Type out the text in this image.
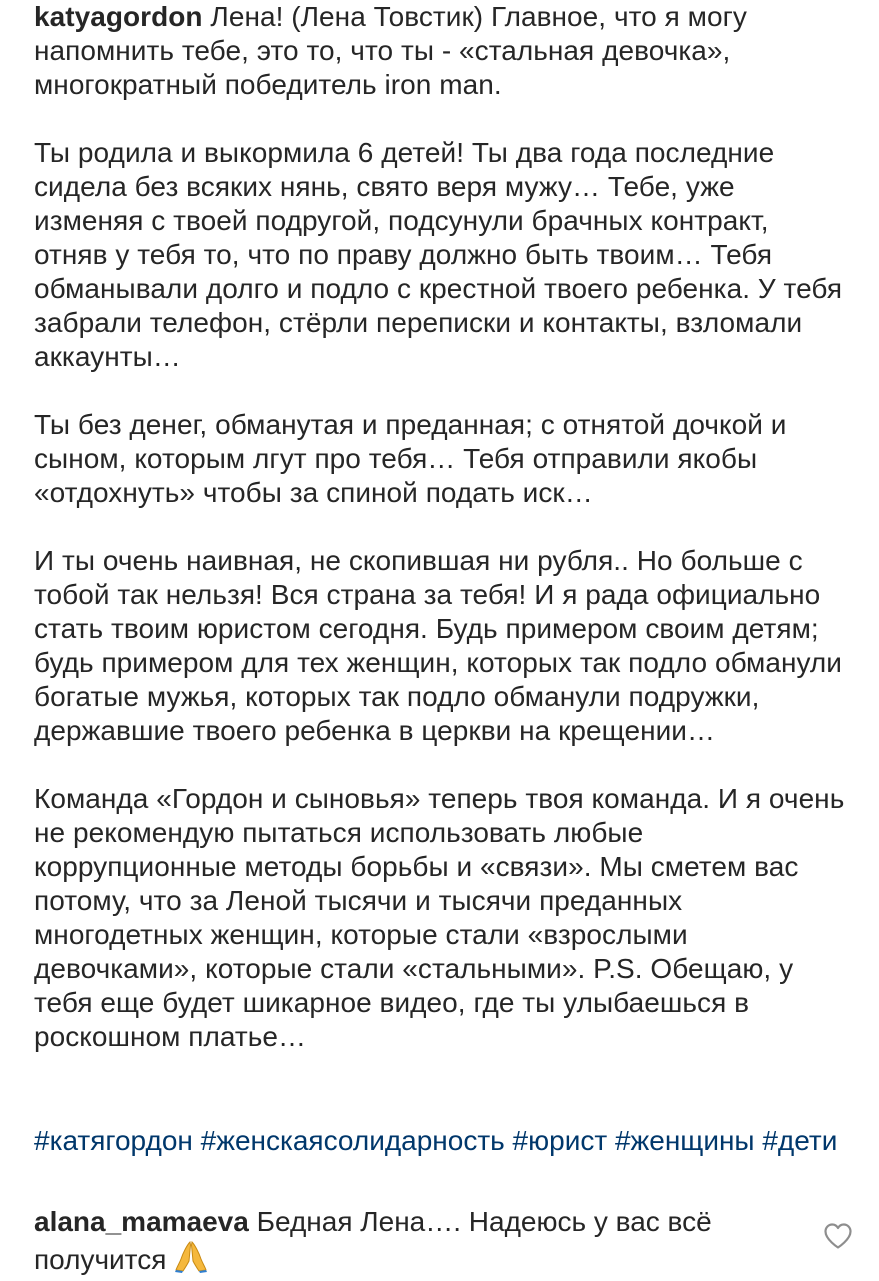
katyagordon Лена! (Лена Товстик) Главное, что я могу напомнить тебе, это то, что ты - «стальная девочка», многократный победитель iron man.

Ты родила и выкормила 6 детей! Ты два года последние сидела без всяких нянь, свято веря мужу… Тебе, уже изменяя с твоей подругой, подсунули брачных контракт, отняв у тебя то, что по праву должно быть твоим… Тебя обманывали долго и подло с крестной твоего ребенка. У тебя забрали телефон, стёрли переписки и контакты, взломали аккаунты…

Ты без денег, обманутая и преданная; с отнятой дочкой и сыном, которым лгут про тебя… Тебя отправили якобы «отдохнуть» чтобы за спиной подать иск…

И ты очень наивная, не скопившая ни рубля.. Но больше с тобой так нельзя! Вся страна за тебя! И я рада официально стать твоим юристом сегодня. Будь примером своим детям; будь примером для тех женщин, которых так подло обманули богатые мужья, которых так подло обманули подружки, державшие твоего ребенка в церкви на крещении…

Команда «Гордон и сыновья» теперь твоя команда. И я очень не рекомендую пытаться использовать любые коррупционные методы борьбы и «связи». Мы сметем вас потому, что за Леной тысячи и тысячи преданных многодетных женщин, которые стали «взрослыми девочками», которые стали «стальными». P.S. Обещаю, у тебя еще будет шикарное видео, где ты улыбаешься в роскошном платье…

#катягордон #женскаясолидарность #юрист #женщины #дети
alana_mamaeva Бедная Лена…. Надеюсь у вас всё получится
